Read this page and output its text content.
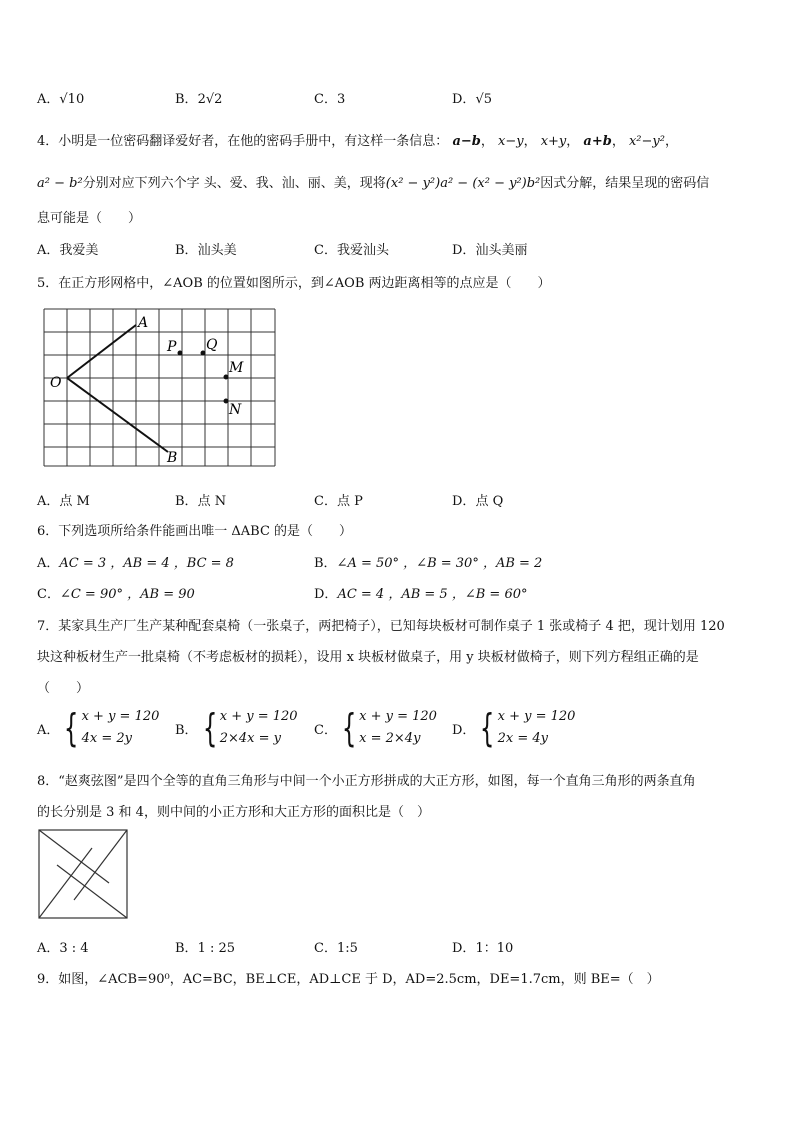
A．√10	B．2√2	C．3	D．√5
4．小明是一位密码翻译爱好者，在他的密码手册中，有这样一条信息： a−b， x−y， x+y， a+b， x²−y²，
a² − b²分别对应下列六个字 头、爱、我、汕、丽、美，现将(x² − y²)a² − (x² − y²)b²因式分解，结果呈现的密码信
息可能是（　　）
A．我爱美	B．汕头美	C．我爱汕头	D．汕头美丽
5．在正方形网格中，∠AOB 的位置如图所示，到∠AOB 两边距离相等的点应是（　　）
A
O
B
P Q
M
N
A．点 M	B．点 N	C．点 P	D．点 Q
6．下列选项所给条件能画出唯一 ΔABC 的是（　　）
A．AC = 3 ，AB = 4 ，BC = 8	B．∠A = 50° ，∠B = 30° ，AB = 2
C．∠C = 90° ，AB = 90	D．AC = 4 ，AB = 5 ，∠B = 60°
7．某家具生产厂生产某种配套桌椅（一张桌子，两把椅子），已知每块板材可制作桌子 1 张或椅子 4 把，现计划用 120
块这种板材生产一批桌椅（不考虑板材的损耗），设用 x 块板材做桌子，用 y 块板材做椅子，则下列方程组正确的是
（　　）
A． { x + y = 120
4x = 2y
B． { x + y = 120
2×4x = y
C． { x + y = 120
x = 2×4y
D． { x + y = 120
2x = 4y
8．“赵爽弦图”是四个全等的直角三角形与中间一个小正方形拼成的大正方形，如图，每一个直角三角形的两条直角
的长分别是 3 和 4，则中间的小正方形和大正方形的面积比是（　）
A．3 : 4	B．1 : 25	C．1:5	D．1：10
9．如图，∠ACB=90⁰，AC=BC，BE⊥CE，AD⊥CE 于 D，AD=2.5cm，DE=1.7cm，则 BE=（　）
